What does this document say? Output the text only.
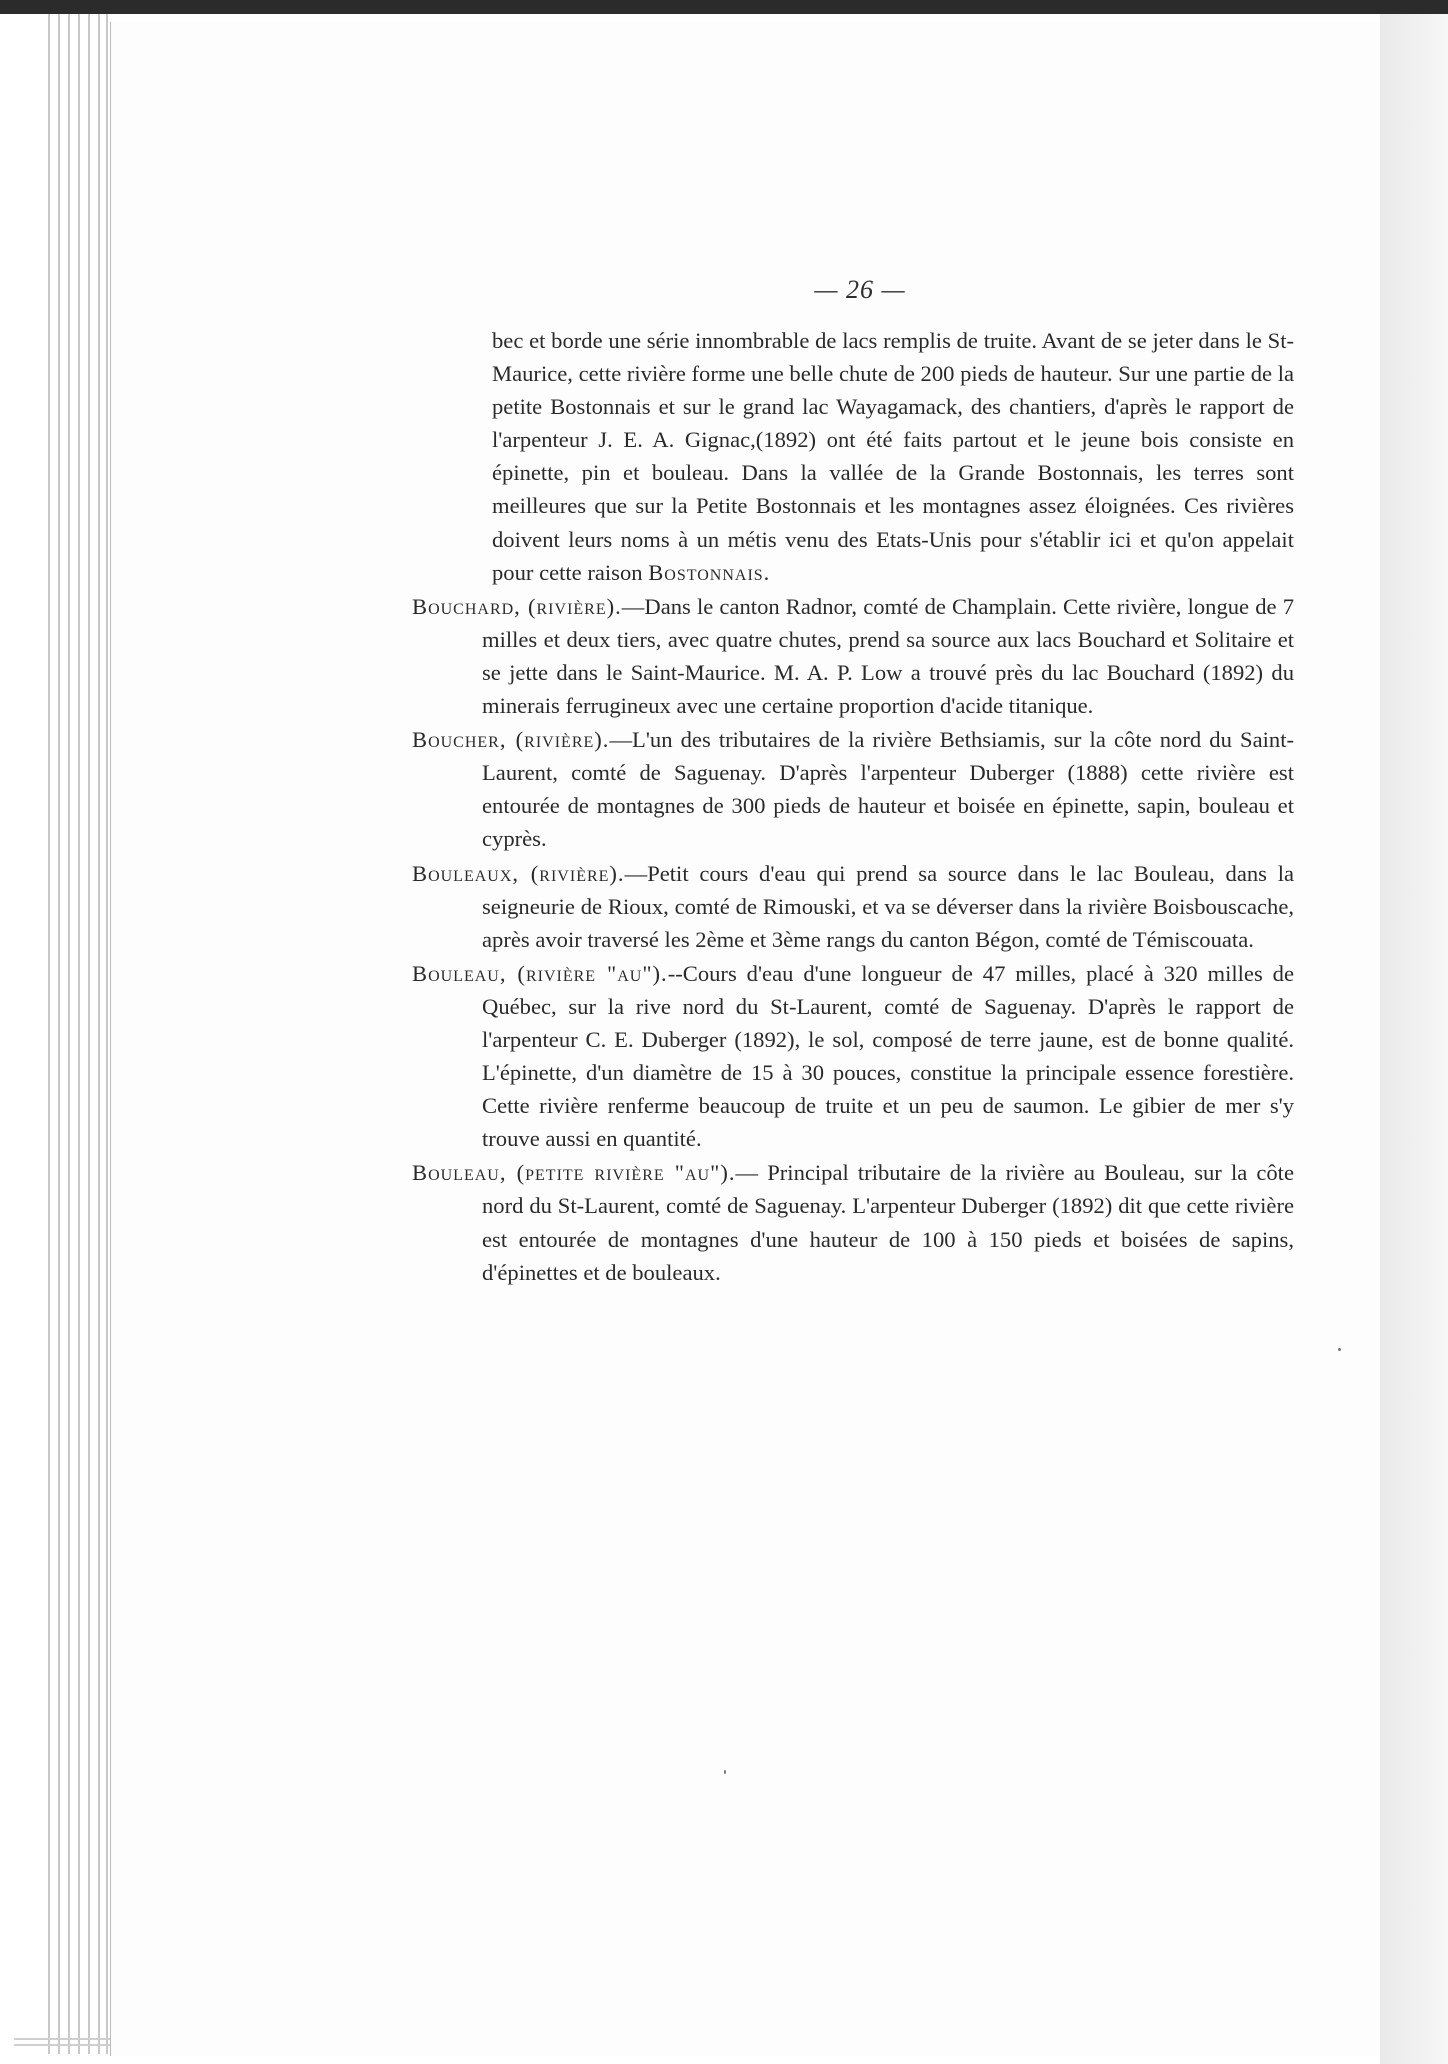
— 26 —

bec et borde une série innombrable de lacs remplis de truite. Avant de se jeter dans le St-Maurice, cette rivière forme une belle chute de 200 pieds de hauteur. Sur une partie de la petite Bostonnais et sur le grand lac Wayagamack, des chantiers, d'après le rapport de l'arpenteur J. E. A. Gignac,(1892) ont été faits partout et le jeune bois consiste en épinette, pin et bouleau. Dans la vallée de la Grande Bostonnais, les terres sont meilleures que sur la Petite Bostonnais et les montagnes assez éloignées. Ces rivières doivent leurs noms à un métis venu des Etats-Unis pour s'établir ici et qu'on appelait pour cette raison Bostonnais.

Bouchard, (rivière).—Dans le canton Radnor, comté de Champlain. Cette rivière, longue de 7 milles et deux tiers, avec quatre chutes, prend sa source aux lacs Bouchard et Solitaire et se jette dans le Saint-Maurice. M. A. P. Low a trouvé près du lac Bouchard (1892) du minerais ferrugineux avec une certaine proportion d'acide titanique.

Boucher, (rivière).—L'un des tributaires de la rivière Bethsiamis, sur la côte nord du Saint-Laurent, comté de Saguenay. D'après l'arpenteur Duberger (1888) cette rivière est entourée de montagnes de 300 pieds de hauteur et boisée en épinette, sapin, bouleau et cyprès.

Bouleaux, (rivière).—Petit cours d'eau qui prend sa source dans le lac Bouleau, dans la seigneurie de Rioux, comté de Rimouski, et va se déverser dans la rivière Boisbouscache, après avoir traversé les 2ème et 3ème rangs du canton Bégon, comté de Témiscouata.

Bouleau, (rivière "au").--Cours d'eau d'une longueur de 47 milles, placé à 320 milles de Québec, sur la rive nord du St-Laurent, comté de Saguenay. D'après le rapport de l'arpenteur C. E. Duberger (1892), le sol, composé de terre jaune, est de bonne qualité. L'épinette, d'un diamètre de 15 à 30 pouces, constitue la principale essence forestière. Cette rivière renferme beaucoup de truite et un peu de saumon. Le gibier de mer s'y trouve aussi en quantité.

Bouleau, (petite rivière "au").— Principal tributaire de la rivière au Bouleau, sur la côte nord du St-Laurent, comté de Saguenay. L'arpenteur Duberger (1892) dit que cette rivière est entourée de montagnes d'une hauteur de 100 à 150 pieds et boisées de sapins, d'épinettes et de bouleaux.
